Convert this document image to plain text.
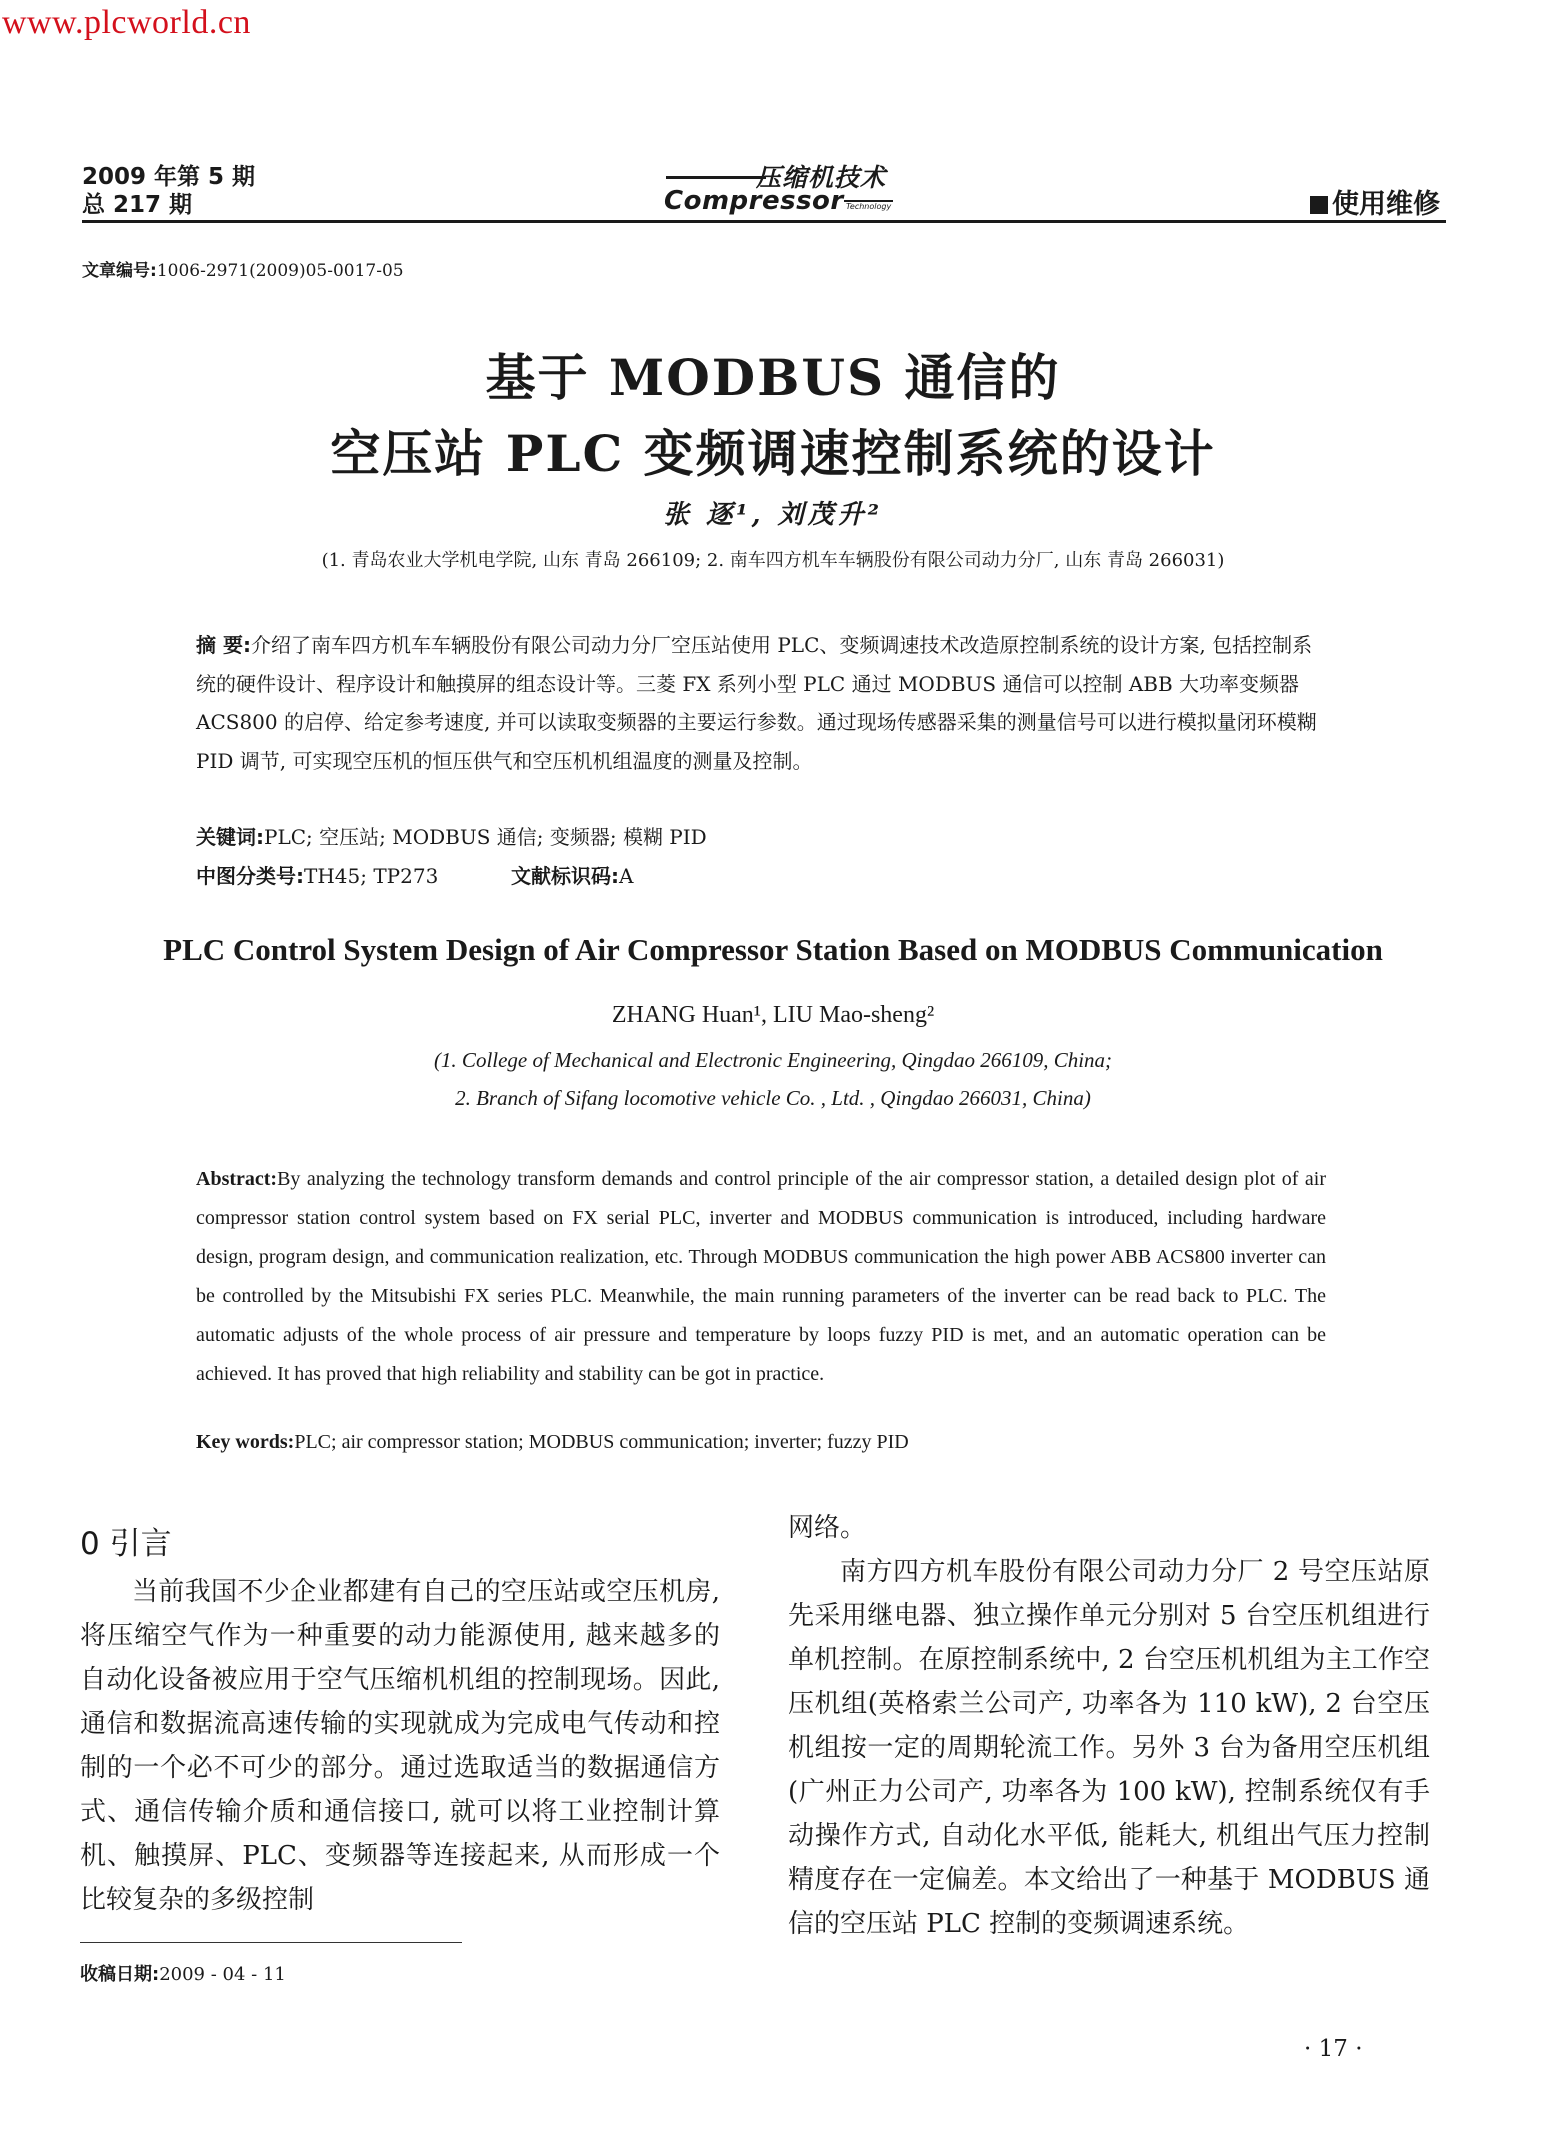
www.plcworld.cn
2009 年第 5 期
总 217 期
压缩机技术
Compressor Technology	使用维修
文章编号:1006-2971(2009)05-0017-05
基于 MODBUS 通信的
空压站 PLC 变频调速控制系统的设计
张 逐¹, 刘茂升²
(1. 青岛农业大学机电学院, 山东 青岛 266109; 2. 南车四方机车车辆股份有限公司动力分厂, 山东 青岛 266031)
摘 要:介绍了南车四方机车车辆股份有限公司动力分厂空压站使用 PLC、变频调速技术改造原控制系统的设计方案, 包括控制系统的硬件设计、程序设计和触摸屏的组态设计等。三菱 FX 系列小型 PLC 通过 MODBUS 通信可以控制 ABB 大功率变频器 ACS800 的启停、给定参考速度, 并可以读取变频器的主要运行参数。通过现场传感器采集的测量信号可以进行模拟量闭环模糊 PID 调节, 可实现空压机的恒压供气和空压机机组温度的测量及控制。
关键词:PLC; 空压站; MODBUS 通信; 变频器; 模糊 PID
中图分类号:TH45; TP273	文献标识码:A
PLC Control System Design of Air Compressor Station Based on MODBUS Communication
ZHANG Huan¹, LIU Mao-sheng²
(1. College of Mechanical and Electronic Engineering, Qingdao 266109, China;
2. Branch of Sifang locomotive vehicle Co. , Ltd. , Qingdao 266031, China)
Abstract:By analyzing the technology transform demands and control principle of the air compressor station, a detailed design plot of air compressor station control system based on FX serial PLC, inverter and MODBUS communication is introduced, including hardware design, program design, and communication realization, etc. Through MODBUS communication the high power ABB ACS800 inverter can be controlled by the Mitsubishi FX series PLC. Meanwhile, the main running parameters of the inverter can be read back to PLC. The automatic adjusts of the whole process of air pressure and temperature by loops fuzzy PID is met, and an automatic operation can be achieved. It has proved that high reliability and stability can be got in practice.
Key words:PLC; air compressor station; MODBUS communication; inverter; fuzzy PID
0 引言

当前我国不少企业都建有自己的空压站或空压机房, 将压缩空气作为一种重要的动力能源使用, 越来越多的自动化设备被应用于空气压缩机机组的控制现场。因此, 通信和数据流高速传输的实现就成为完成电气传动和控制的一个必不可少的部分。通过选取适当的数据通信方式、通信传输介质和通信接口, 就可以将工业控制计算机、触摸屏、PLC、变频器等连接起来, 从而形成一个比较复杂的多级控制

网络。

南方四方机车股份有限公司动力分厂 2 号空压站原先采用继电器、独立操作单元分别对 5 台空压机组进行单机控制。在原控制系统中, 2 台空压机机组为主工作空压机组(英格索兰公司产, 功率各为 110 kW), 2 台空压机组按一定的周期轮流工作。另外 3 台为备用空压机组(广州正力公司产, 功率各为 100 kW), 控制系统仅有手动操作方式, 自动化水平低, 能耗大, 机组出气压力控制精度存在一定偏差。本文给出了一种基于 MODBUS 通信的空压站 PLC 控制的变频调速系统。

收稿日期:2009 - 04 - 11
· 17 ·
